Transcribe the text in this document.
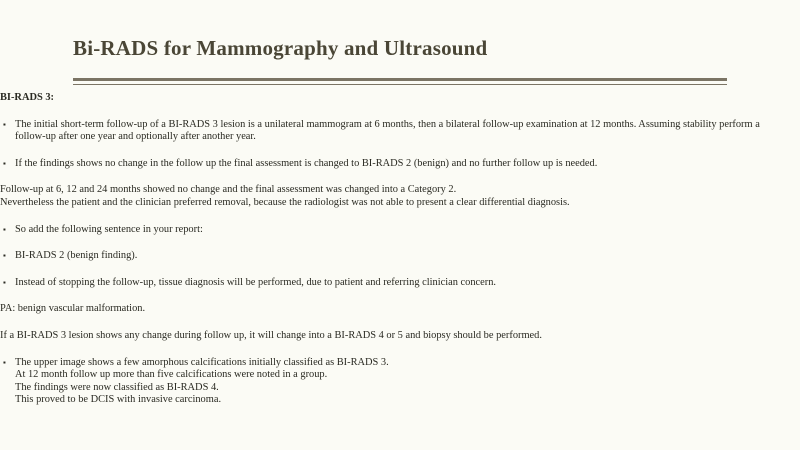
Bi-RADS for Mammography and Ultrasound

BI-RADS 3:

▪ The initial short-term follow-up of a BI-RADS 3 lesion is a unilateral mammogram at 6 months, then a bilateral follow-up examination at 12 months. Assuming stability perform a follow-up after one year and optionally after another year.
▪ If the findings shows no change in the follow up the final assessment is changed to BI-RADS 2 (benign) and no further follow up is needed.
Follow-up at 6, 12 and 24 months showed no change and the final assessment was changed into a Category 2.
Nevertheless the patient and the clinician preferred removal, because the radiologist was not able to present a clear differential diagnosis.
▪ So add the following sentence in your report:
▪ BI-RADS 2 (benign finding).
▪ Instead of stopping the follow-up, tissue diagnosis will be performed, due to patient and referring clinician concern.

PA: benign vascular malformation.

If a BI-RADS 3 lesion shows any change during follow up, it will change into a BI-RADS 4 or 5 and biopsy should be performed.

▪ The upper image shows a few amorphous calcifications initially classified as BI-RADS 3.
At 12 month follow up more than five calcifications were noted in a group.
The findings were now classified as BI-RADS 4.
This proved to be DCIS with invasive carcinoma.
